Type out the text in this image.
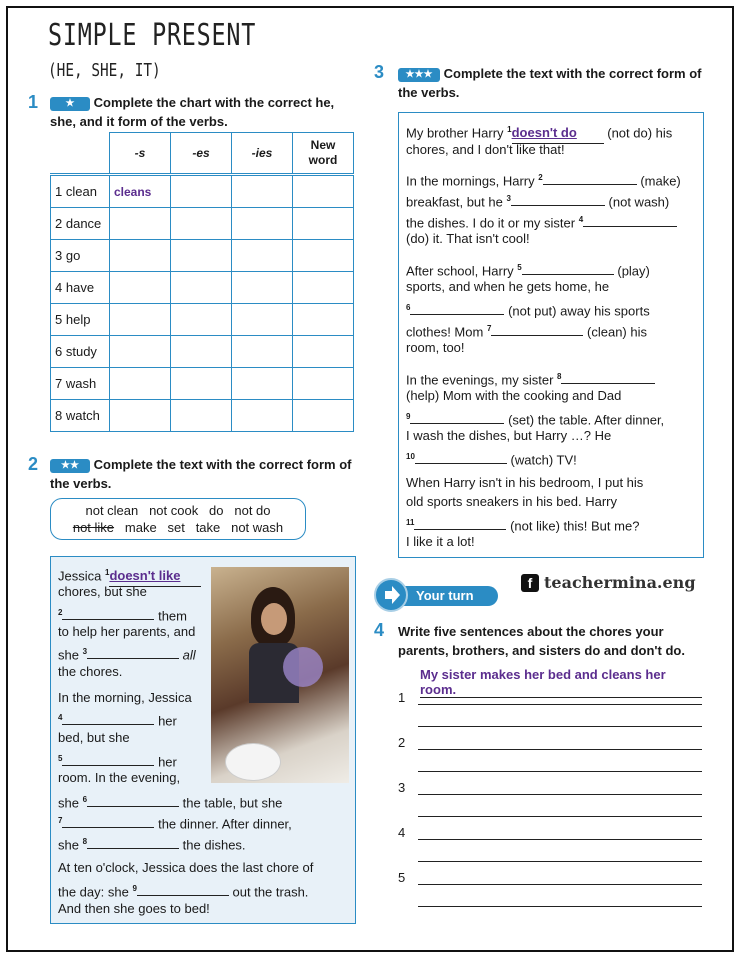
SIMPLE PRESENT
(HE, SHE, IT)
1	★ Complete the chart with the correct he, she, and it form of the verbs.
	-s	-es	-ies	New word
1 clean	cleans			
2 dance				
3 go				
4 have				
5 help				
6 study				
7 wash				
8 watch				
2	★★ Complete the text with the correct form of the verbs.
not clean   not cook   do   not do
not like make   set   take   not wash
Jessica $^1$doesn't like
chores, but she
$^2$	them
to help her parents, and
she $^3$	all
the chores.
In the morning, Jessica
$^4$	her
bed, but she
$^5$	her
room. In the evening,
she $^6$	the table, but she
$^7$	the dinner. After dinner,
she $^8$	the dishes.
At ten o'clock, Jessica does the last chore of
the day: she $^9$	out the trash.
And then she goes to bed!
3	★★★ Complete the text with the correct form of the verbs.
My brother Harry $^1$doesn't do (not do) his
chores, and I don't like that!
In the mornings, Harry $^2$	(make)
breakfast, but he $^3$	(not wash)
the dishes. I do it or my sister $^4$
(do) it. That isn't cool!
After school, Harry $^5$	(play)
sports, and when he gets home, he
$^6$	(not put) away his sports
clothes! Mom $^7$	(clean) his
room, too!
In the evenings, my sister $^8$
(help) Mom with the cooking and Dad
$^9$	(set) the table. After dinner,
I wash the dishes, but Harry …? He
$^{10}$	(watch) TV!
When Harry isn't in his bedroom, I put his
old sports sneakers in his bed. Harry
$^{11}$	(not like) this! But me?
I like it a lot!
Your turn
f teachermina.eng
4 Write five sentences about the chores your parents, brothers, and sisters do and don't do.
My sister makes her bed and cleans her room.
1
2
3
4
5
